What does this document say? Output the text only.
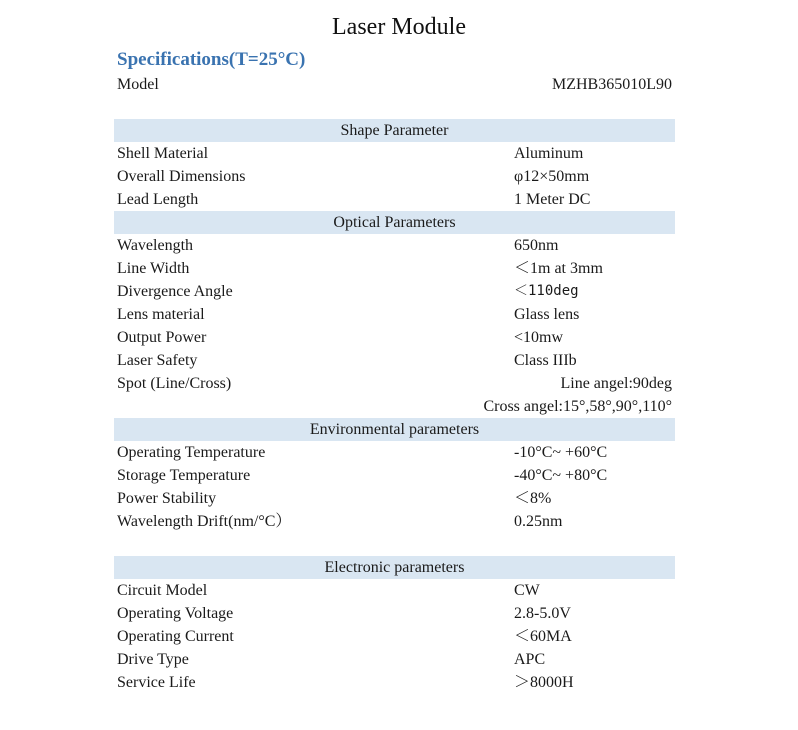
Laser Module
Specifications(T=25°C)
Model	MZHB365010L90
Shape Parameter
Shell Material	Aluminum
Overall Dimensions	φ12×50mm
Lead Length	1 Meter DC
Optical Parameters
Wavelength	650nm
Line Width	＜1m at 3mm
Divergence Angle	＜110deg
Lens material	Glass lens
Output Power	<10mw
Laser Safety	Class IIIb
Spot (Line/Cross)	Line angel:90deg
Cross angel:15°,58°,90°,110°
Environmental parameters
Operating Temperature	-10°C~ +60°C
Storage Temperature	-40°C~ +80°C
Power Stability	＜8%
Wavelength Drift(nm/°C）	0.25nm
Electronic parameters
Circuit Model	CW
Operating Voltage	2.8-5.0V
Operating Current	＜60MA
Drive Type	APC
Service Life	＞8000H
